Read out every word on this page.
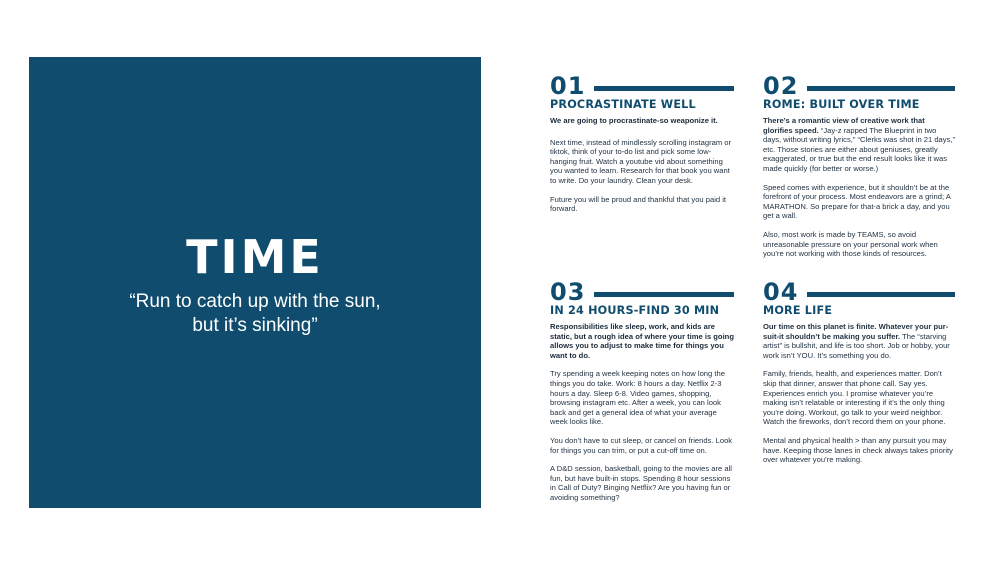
TIME
“Run to catch up with the sun,
but it’s sinking”
01
PROCRASTINATE WELL
We are going to procrastinate-so weaponize it.
Next time, instead of mindlessly scrolling instagram or tiktok, think of your to-do list and pick some low-hanging fruit. Watch a youtube vid about something you wanted to learn. Research for that book you want to write. Do your laundry. Clean your desk.
Future you will be proud and thankful that you paid it forward.
02
ROME: BUILT OVER TIME
There’s a romantic view of creative work that glorifies speed. “Jay-z rapped The Blueprint in two days, without writing lyrics,” “Clerks was shot in 21 days,” etc. Those stories are either about geniuses, greatly exaggerated, or true but the end result looks like it was made quickly (for better or worse.)
Speed comes with experience, but it shouldn’t be at the forefront of your process. Most endeavors are a grind; A MARATHON. So prepare for that-a brick a day, and you get a wall.
Also, most work is made by TEAMS, so avoid unreasonable pressure on your personal work when you’re not working with those kinds of resources.
03
IN 24 HOURS-FIND 30 MIN
Responsibilities like sleep, work, and kids are static, but a rough idea of where your time is going allows you to adjust to make time for things you want to do.
Try spending a week keeping notes on how long the things you do take. Work: 8 hours a day. Netflix 2-3 hours a day. Sleep 6-8. Video games, shopping, browsing instagram etc. After a week, you can look back and get a general idea of what your average week looks like.
You don’t have to cut sleep, or cancel on friends. Look for things you can trim, or put a cut-off time on.
A D&D session, basketball, going to the movies are all fun, but have built-in stops. Spending 8 hour sessions in Call of Duty? Binging Netflix? Are you having fun or avoiding something?
04
MORE LIFE
Our time on this planet is finite. Whatever your pur-suit-it shouldn’t be making you suffer. The “starving artist” is bullshit, and life is too short. Job or hobby, your work isn’t YOU. It’s something you do.
Family, friends, health, and experiences matter. Don’t skip that dinner, answer that phone call. Say yes. Experiences enrich you. I promise whatever you’re making isn’t relatable or interesting if it’s the only thing you’re doing. Workout, go talk to your weird neighbor. Watch the fireworks, don’t record them on your phone.
Mental and physical health > than any pursuit you may have. Keeping those lanes in check always takes priority over whatever you’re making.
